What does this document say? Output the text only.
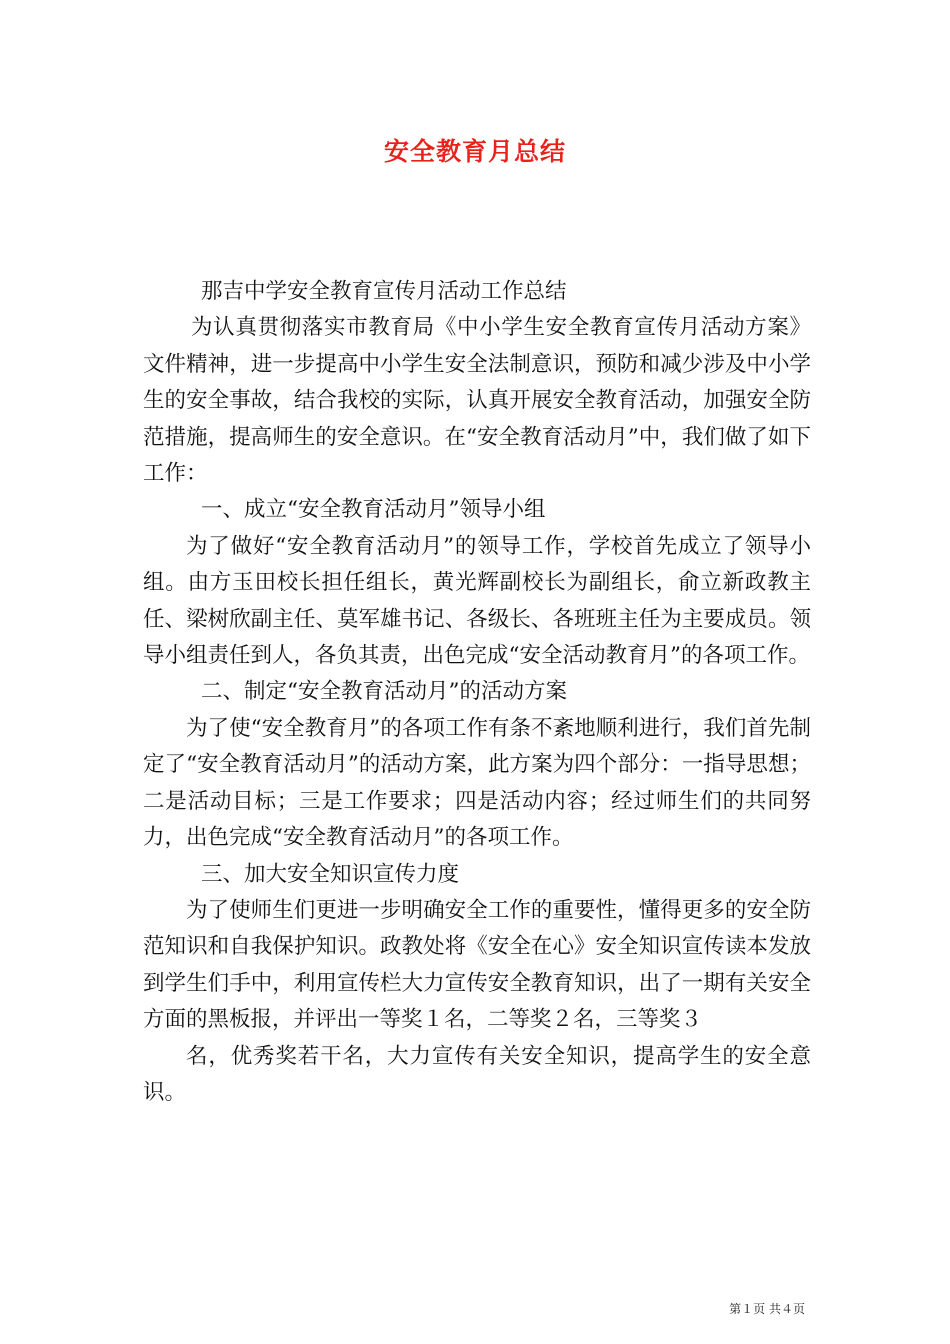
安全教育月总结

那吉中学安全教育宣传月活动工作总结

为认真贯彻落实市教育局《中小学生安全教育宣传月活动方案》文件精神，进一步提高中小学生安全法制意识，预防和减少涉及中小学生的安全事故，结合我校的实际，认真开展安全教育活动，加强安全防范措施，提高师生的安全意识。在“安全教育活动月”中，我们做了如下工作：

一、成立“安全教育活动月”领导小组

为了做好“安全教育活动月”的领导工作，学校首先成立了领导小组。由方玉田校长担任组长，黄光辉副校长为副组长，俞立新政教主任、梁树欣副主任、莫军雄书记、各级长、各班班主任为主要成员。领导小组责任到人，各负其责，出色完成“安全活动教育月”的各项工作。

二、制定“安全教育活动月”的活动方案

为了使“安全教育月”的各项工作有条不紊地顺利进行，我们首先制定了“安全教育活动月”的活动方案，此方案为四个部分：一指导思想；二是活动目标；三是工作要求；四是活动内容；经过师生们的共同努力，出色完成“安全教育活动月”的各项工作。

三、加大安全知识宣传力度

为了使师生们更进一步明确安全工作的重要性，懂得更多的安全防范知识和自我保护知识。政教处将《安全在心》安全知识宣传读本发放到学生们手中，利用宣传栏大力宣传安全教育知识，出了一期有关安全方面的黑板报，并评出一等奖１名，二等奖２名，三等奖３

名，优秀奖若干名，大力宣传有关安全知识，提高学生的安全意识。

第１页 共４页
